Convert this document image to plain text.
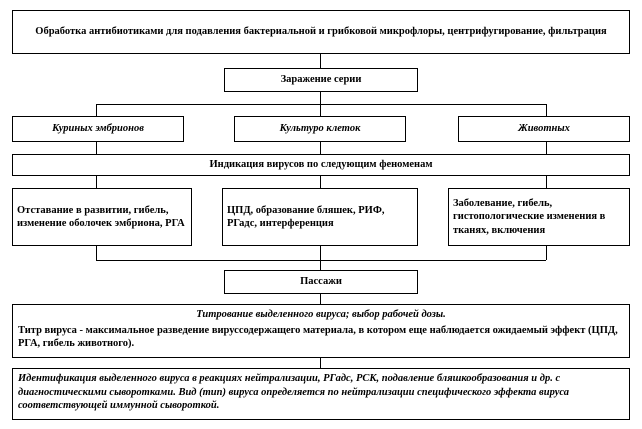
Обработка антибиотиками для подавления бактериальной и грибковой микрофлоры, центрифугирование, фильтрация
Заражение серии
Куриных эмбрионов	Культуро клеток	Животных
Индикация вирусов по следующим феноменам
Отставание в развитии, гибель, изменение оболочек эмбриона, РГА
ЦПД, образование бляшек, РИФ, РГадс, интерференция
Заболевание, гибель, гистопологические изменения в тканях, включения
Пассажи
Титрование выделенного вируса; выбор рабочей дозы.
Титр вируса - максимальное разведение вируссодержащего материала, в котором еще наблюдается ожидаемый эффект (ЦПД, РГА, гибель животного).
Идентификация выделенного вируса в реакциях нейтрализации, РГадс, РСК, подавление бляшкообразования и др. с диагностическими сыворотками. Вид (тип) вируса определяется по нейтрализации специфического эффекта вируса соответствующей иммунной сывороткой.
